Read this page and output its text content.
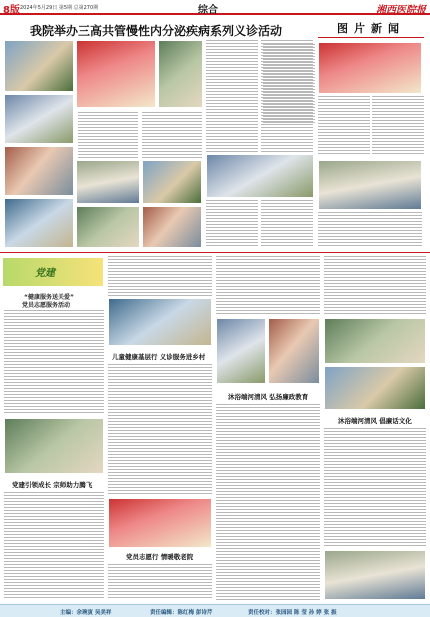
8版 2024年5月29日 第5期 总第270期	综合	湘西医院报
我院举办三高共管慢性内分泌疾病系列义诊活动	图片新闻
党建
“健康服务送关爱”
党员志愿服务活动
党建引领成长 宗师助力腾飞
儿童健康基层行 义诊服务进乡村
党员志愿行 情暖敬老院
沐浴端河清风 弘扬廉政教育
沐浴端河清风 倡廉话文化
主编：余琬寅 吴美祥	责任编辑：陈红梅 彭诗芹	责任校对：张园园 陈 莹 孙 婷 张 振
